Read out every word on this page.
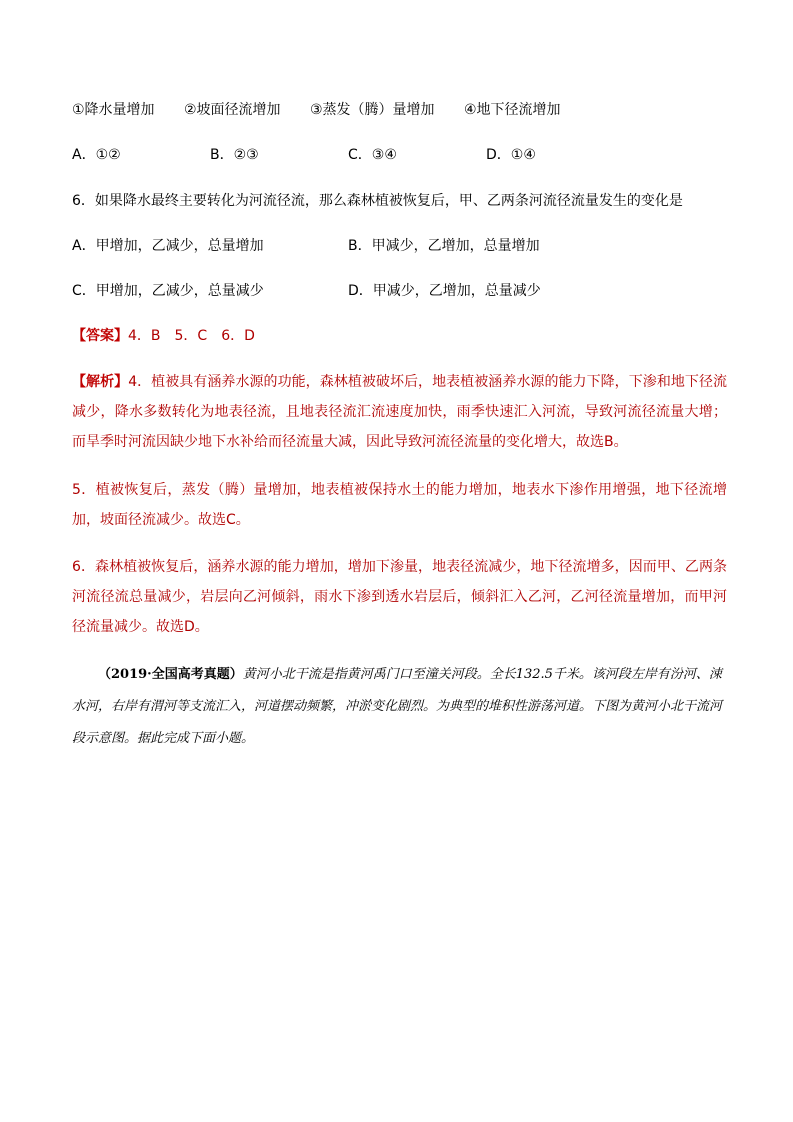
①降水量增加 ②坡面径流增加 ③蒸发（腾）量增加 ④地下径流增加
A．①②	B．②③	C．③④	D．①④
6．如果降水最终主要转化为河流径流，那么森林植被恢复后，甲、乙两条河流径流量发生的变化是
A．甲增加，乙减少，总量增加	B．甲减少，乙增加，总量增加
C．甲增加，乙减少，总量减少	D．甲减少，乙增加，总量减少
【答案】4．B　5．C　6．D

【解析】4．植被具有涵养水源的功能，森林植被破坏后，地表植被涵养水源的能力下降，下渗和地下径流减少，降水多数转化为地表径流，且地表径流汇流速度加快，雨季快速汇入河流，导致河流径流量大增；而旱季时河流因缺少地下水补给而径流量大减，因此导致河流径流量的变化增大，故选B。

5．植被恢复后，蒸发（腾）量增加，地表植被保持水土的能力增加，地表水下渗作用增强，地下径流增加，坡面径流减少。故选C。

6．森林植被恢复后，涵养水源的能力增加，增加下渗量，地表径流减少，地下径流增多，因而甲、乙两条河流径流总量减少，岩层向乙河倾斜，雨水下渗到透水岩层后，倾斜汇入乙河，乙河径流量增加，而甲河径流量减少。故选D。

（2019·全国高考真题）黄河小北干流是指黄河禹门口至潼关河段。全长132.5千米。该河段左岸有汾河、涑水河，右岸有渭河等支流汇入，河道摆动频繁，冲淤变化剧烈。为典型的堆积性游荡河道。下图为黄河小北干流河段示意图。据此完成下面小题。
